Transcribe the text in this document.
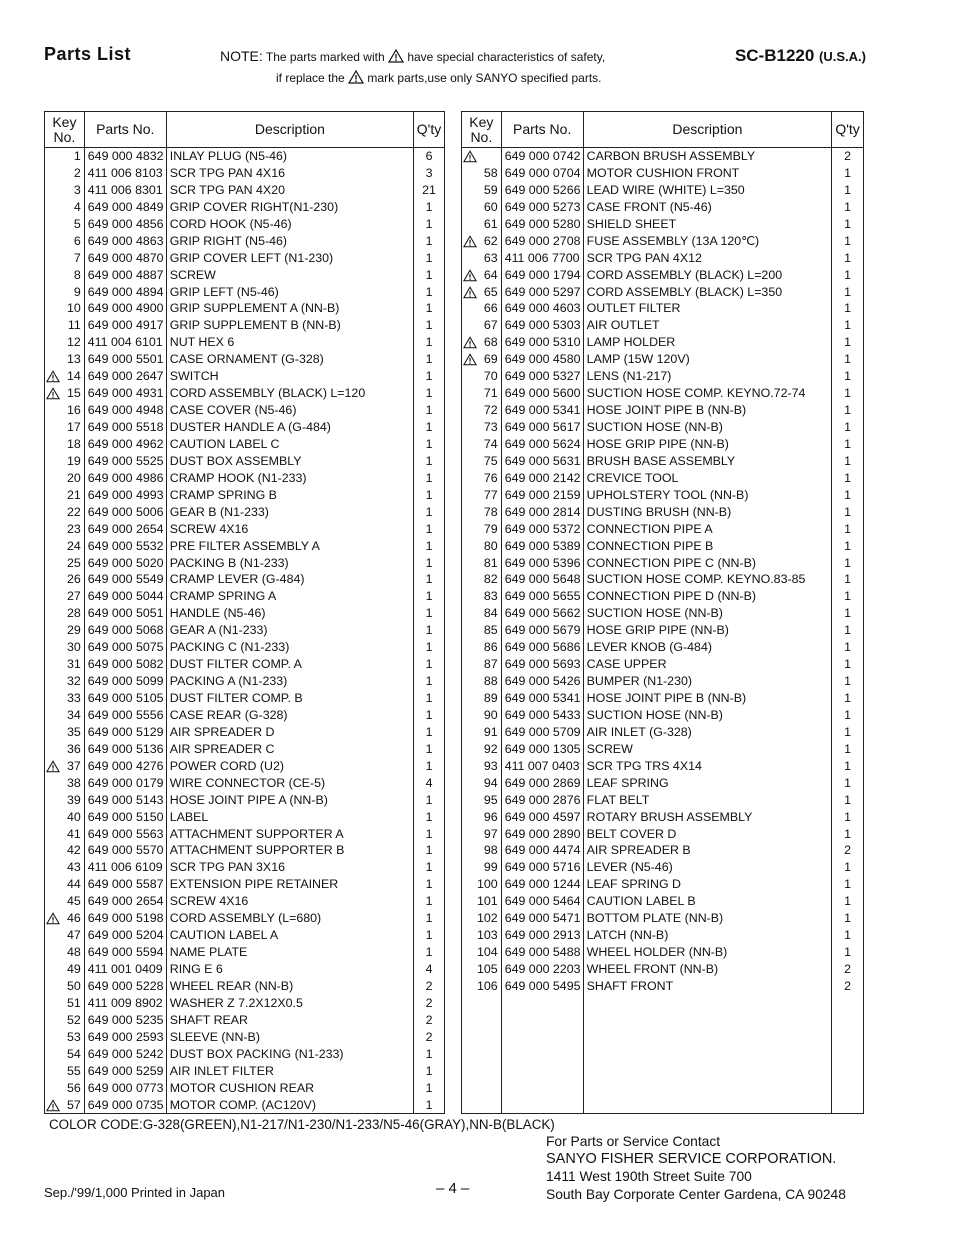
Parts List	NOTE: The parts marked with have special characteristics of safety,
if replace the mark parts,use only SANYO specified parts.
SC-B1220 (U.S.A.)
Key
No.	Parts No.	Description	Q'ty
1	649 000 4832	INLAY PLUG (N5-46)	6
2	411 006 8103	SCR TPG PAN 4X16	3
3	411 006 8301	SCR TPG PAN 4X20	21
4	649 000 4849	GRIP COVER RIGHT(N1-230)	1
5	649 000 4856	CORD HOOK (N5-46)	1
6	649 000 4863	GRIP RIGHT (N5-46)	1
7	649 000 4870	GRIP COVER LEFT (N1-230)	1
8	649 000 4887	SCREW	1
9	649 000 4894	GRIP LEFT (N5-46)	1
10	649 000 4900	GRIP SUPPLEMENT A (NN-B)	1
11	649 000 4917	GRIP SUPPLEMENT B (NN-B)	1
12	411 004 6101	NUT HEX 6	1
13	649 000 5501	CASE ORNAMENT (G-328)	1

14	649 000 2647	SWITCH	1

15	649 000 4931	CORD ASSEMBLY (BLACK) L=120	1
16	649 000 4948	CASE COVER (N5-46)	1
17	649 000 5518	DUSTER HANDLE A (G-484)	1
18	649 000 4962	CAUTION LABEL C	1
19	649 000 5525	DUST BOX ASSEMBLY	1
20	649 000 4986	CRAMP HOOK (N1-233)	1
21	649 000 4993	CRAMP SPRING B	1
22	649 000 5006	GEAR B (N1-233)	1
23	649 000 2654	SCREW 4X16	1
24	649 000 5532	PRE FILTER ASSEMBLY A	1
25	649 000 5020	PACKING B (N1-233)	1
26	649 000 5549	CRAMP LEVER (G-484)	1
27	649 000 5044	CRAMP SPRING A	1
28	649 000 5051	HANDLE (N5-46)	1
29	649 000 5068	GEAR A (N1-233)	1
30	649 000 5075	PACKING C (N1-233)	1
31	649 000 5082	DUST FILTER COMP. A	1
32	649 000 5099	PACKING A (N1-233)	1
33	649 000 5105	DUST FILTER COMP. B	1
34	649 000 5556	CASE REAR (G-328)	1
35	649 000 5129	AIR SPREADER D	1
36	649 000 5136	AIR SPREADER C	1

37	649 000 4276	POWER CORD (U2)	1
38	649 000 0179	WIRE CONNECTOR (CE-5)	4
39	649 000 5143	HOSE JOINT PIPE A (NN-B)	1
40	649 000 5150	LABEL	1
41	649 000 5563	ATTACHMENT SUPPORTER A	1
42	649 000 5570	ATTACHMENT SUPPORTER B	1
43	411 006 6109	SCR TPG PAN 3X16	1
44	649 000 5587	EXTENSION PIPE RETAINER	1
45	649 000 2654	SCREW 4X16	1

46	649 000 5198	CORD ASSEMBLY (L=680)	1
47	649 000 5204	CAUTION LABEL A	1
48	649 000 5594	NAME PLATE	1
49	411 001 0409	RING E 6	4
50	649 000 5228	WHEEL REAR (NN-B)	2
51	411 009 8902	WASHER Z 7.2X12X0.5	2
52	649 000 5235	SHAFT REAR	2
53	649 000 2593	SLEEVE (NN-B)	2
54	649 000 5242	DUST BOX PACKING (N1-233)	1
55	649 000 5259	AIR INLET FILTER	1
56	649 000 0773	MOTOR CUSHION REAR	1

57	649 000 0735	MOTOR COMP. (AC120V)	1
Key
No.	Parts No.	Description	Q'ty

	649 000 0742	CARBON BRUSH ASSEMBLY	2
58	649 000 0704	MOTOR CUSHION FRONT	1
59	649 000 5266	LEAD WIRE (WHITE) L=350	1
60	649 000 5273	CASE FRONT (N5-46)	1
61	649 000 5280	SHIELD SHEET	1

62	649 000 2708	FUSE ASSEMBLY (13A 120℃)	1
63	411 006 7700	SCR TPG PAN 4X12	1

64	649 000 1794	CORD ASSEMBLY (BLACK) L=200	1

65	649 000 5297	CORD ASSEMBLY (BLACK) L=350	1
66	649 000 4603	OUTLET FILTER	1
67	649 000 5303	AIR OUTLET	1

68	649 000 5310	LAMP HOLDER	1

69	649 000 4580	LAMP (15W 120V)	1
70	649 000 5327	LENS (N1-217)	1
71	649 000 5600	SUCTION HOSE COMP. KEYNO.72-74	1
72	649 000 5341	HOSE JOINT PIPE B (NN-B)	1
73	649 000 5617	SUCTION HOSE (NN-B)	1
74	649 000 5624	HOSE GRIP PIPE (NN-B)	1
75	649 000 5631	BRUSH BASE ASSEMBLY	1
76	649 000 2142	CREVICE TOOL	1
77	649 000 2159	UPHOLSTERY TOOL (NN-B)	1
78	649 000 2814	DUSTING BRUSH (NN-B)	1
79	649 000 5372	CONNECTION PIPE A	1
80	649 000 5389	CONNECTION PIPE B	1
81	649 000 5396	CONNECTION PIPE C (NN-B)	1
82	649 000 5648	SUCTION HOSE COMP. KEYNO.83-85	1
83	649 000 5655	CONNECTION PIPE D (NN-B)	1
84	649 000 5662	SUCTION HOSE (NN-B)	1
85	649 000 5679	HOSE GRIP PIPE (NN-B)	1
86	649 000 5686	LEVER KNOB (G-484)	1
87	649 000 5693	CASE UPPER	1
88	649 000 5426	BUMPER (N1-230)	1
89	649 000 5341	HOSE JOINT PIPE B (NN-B)	1
90	649 000 5433	SUCTION HOSE (NN-B)	1
91	649 000 5709	AIR INLET (G-328)	1
92	649 000 1305	SCREW	1
93	411 007 0403	SCR TPG TRS 4X14	1
94	649 000 2869	LEAF SPRING	1
95	649 000 2876	FLAT BELT	1
96	649 000 4597	ROTARY BRUSH ASSEMBLY	1
97	649 000 2890	BELT COVER D	1
98	649 000 4474	AIR SPREADER B	2
99	649 000 5716	LEVER (N5-46)	1
100	649 000 1244	LEAF SPRING D	1
101	649 000 5464	CAUTION LABEL B	1
102	649 000 5471	BOTTOM PLATE (NN-B)	1
103	649 000 2913	LATCH (NN-B)	1
104	649 000 5488	WHEEL HOLDER (NN-B)	1
105	649 000 2203	WHEEL FRONT (NN-B)	2
106	649 000 5495	SHAFT FRONT	2

COLOR CODE:G-328(GREEN),N1-217/N1-230/N1-233/N5-46(GRAY),NN-B(BLACK)
For Parts or Service Contact
SANYO FISHER SERVICE CORPORATION.
1411 West 190th Street Suite 700
South Bay Corporate Center Gardena, CA 90248
Sep./'99/1,000 Printed in Japan	– 4 –
